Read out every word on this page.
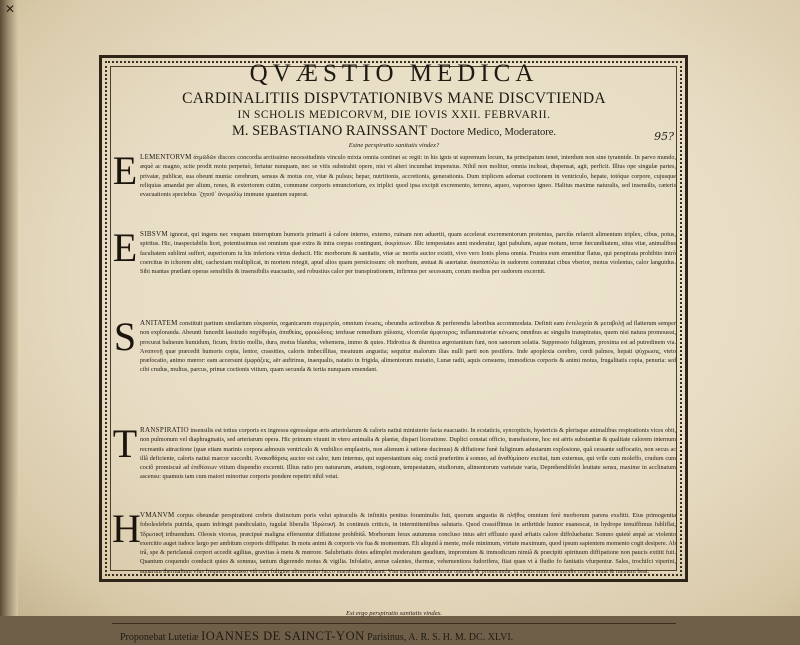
✕
QVÆSTIO MEDICA
CARDINALITIIS DISPVTATIONIBVS MANE DISCVTIENDA
IN SCHOLIS MEDICORVM, DIE IOVIS XXII. FEBRVARII.
M. SEBASTIANO RAINSSANT Doctore Medico, Moderatore.
Estne perspiratio sanitatis vindex?
95?
E LEMENTORVM ἀτμῶδῶν discors concordia arctissimo necessitudinis vinculo mixta omnia continet ac regit: in his ignis ut supremum locum, ita principatum tenet, interdum non sine tyrannide. In parvo mundo, æquè ac magno, scite prodit motu perpetuò, fertatur nunquam, nec se vitis substrahit opere, nisi vt alteri incumbat impensius. Nihil non molitur, omnia inchoat, dispensat, agit, perficit. Illius ope singulæ partes, privatæ, publicæ, sua obeunt munia: cerebrum, sensus & motus cor, vitæ & pulsus; hepar, nutritionis, accretionis, generationis. Dum triplicem adornat coctionem in ventriculo, hepate, totóque corpore, cujusque reliquias amandat per alium, renes, & exteriorem cutim, commune corporis emunctorium, ex triplici quod ipsa excipit excremento, terreno, aqueo, vaporoso igneo. Halitus maxime naturalis, sed insensilis, cæteris evacuationis speciebus ᾽ζητοῦ᾽ ἀνομαλίῳ immune quantum superat.

E SIBSVM ignorat, qui ingens nec vnquam interruptum humoris primarii à calore interno, externo, ruinam non aduertit, quam accelerat excrementorum protentus, parciùs refarcit alimentum triplex, cibus, potus, spiritus. Hic, inaspectabilis licet, potentissimus est omnium quæ extra & intra corpus contingunt, ἐκκρίσεων. Illic tempestates anni moderatur, igni pabulum, aquæ motum, terræ fœcunditatem, situs vitæ, animalibus facultatem sublimi suffert, superiorum iu his inferiora virtus deducit. Hic morborum & sanitatis, vitæ ac mortis auctor existit, vivo vero Ionis plena omnia. Frustra eum ementitur flatus, qui perspirata prohibito intrò coercitus in ichorem abit, cachexiam multiplicat, in mortem retegit, apud alios quam perniciosum: ob morbum, æstuat & auertatur. ἀκαταπόλω in sudorem commutat cibus vberior, motus violentus, calor languidus. Sibi mantas prætlant operas sensibilis & insensibilis euacuatio, sed robustius calor per transpirationem, infirmus per secessum, corum medius per sudorem excernit.

S ANITATEM constituit partium similarium εὐκρασία, organicarum συμμετρία, omnium ἑνωσις, obeundis actionibus & perferendis laboribus accommodata. Definit eam ἐντελεχεία & μεταβολῇ ad flatterum semper non exploranda. Abeunti funcedit lassitudo παχύθυμία, ἀπαθείας, φρικώδους; tenfusæ remedium χάλασις, vlceroſæ ἀμφοτερος; inflammatoriæ κένωσις omnibus ac singulis transpiratus, quem nisi natura promoueat, procurat balneum humidum, ficum, frictio mollis, dura, motus blandus, vehemens, immo & quies. Hidrotica & diuretica ægrotantium funt, non sanorum solatia. Suppressio fuliginum, proxima est ad putredinem via. Ἀναπνοῇ quæ præcedit humoris copia, lentor, crassities, caloris imbecillitas, meatuum angustia; sequitur malorum ilias nulli parti non pestifera. Inde apoplexia cerebro, cordi palmos, hepati ψύχρωσις, vteto præfocatio, animo mœror: eam accersunt ἐμφράξεις, aër auftrinus, inaequalis, natatio in frigida, alimentorum mutatio, Lunæ radii, aquis censuens, immodicus corporis & animi motus, frugalitatis copia, penuria: sed cibi crudus, multus, parcus, primæ coctionis vitium, quam secunda & tertia nunquam emendant.

T RANSPIRATIO insensilis est totius corporis ex ingressu egressúque æris arteriolarum & caloris natiui ministerio facta euacuatio. In ecstaticis, syncopticis, hystericis & plerisque animalibus respirationis vices obit, non pulmonum vel diaphragmatis, sed arteriarum opera. Hic primum viuunt in vtero animalia & plantæ, dispari liceratione. Duplici constat officio, transfusione, hoc est aëris substantiæ & qualitate calorem internum recreantis attractione (quæ etiam marinis corpora admouis ventriculo & vmbilico emplastris, non alienum à ratione ducimus) & diffatione funè fuliginum adustarum explosione, quâ cessante suffocatio, non secus ac illâ deficiente, caloris natiui marcor succedit. Ἀνακαθάρσις auctor est calor, tum internus, qui superstantium eáq; coctâ præfertim à somno, ad ἀναθύμίασιν excitat, tum externus, qui vrile cum moleffo, crudum cum coctô promiscuè ad ἐπιθέσεων vitium dispendio excernit. Illius ratio pro naturarum, ætatum, regionum, tempestatum, studiorum, alimentorum varietate varia, Deprehendifolet leuitate sensu, maxime in acclinatum ascensu: quamuis tam cum maiori minoriue corporis pondere repetiri nihil vetat.

H VMANVM corpus obeundæ perspirationi crebris distinctum poris velut spiraculis & infinitis penitus foraminulis fuit, quorum angustia & πλῆθος omnium ferè morborum parens exsfitit. Eius primogenita fobolesfebris putrida, quam infringit pandiculatio, iugulat liberalis Ἱδρώτικῆ. In continuis criticis, in intermittentibus salutaris. Quod crassiffimus in arthritide humor euanescat, in hydrope tenuiffimus fubliflat, Ἱδρωτικῆ tribuendum. Oleosis viceras, præcipuè maligna efferuentur diffatione prohibitâ. Morborum ferax autumnus concluso intus aëri effluuio quod æftatis calore diffoluebatur. Somno quietè æquè ac violento exercitio auget iudoce largo per ambitum corporis diffipatur. In motu animi & corporis vis fua & momentum. Elt aliquid à mente, mole minimum, virtute maximum, quod ipsum sapientem momento cogit desipere. Ab irâ, spe & periclanuâ corpori accedit agilitas, gravitas à metu & mœrore. Salubritatis dotes adimplet moderatum gaudium, impromtum & immodicum nimiâ & præcipiti spirituum diffipatione non paucis extitit fuit. Quantum coquendo conducit quies & somnus, tantum digerendo motus & vigilia. Infolatio, arenæ calentes, thermæ, vehementiora fudorifera, fiiat quan vt à fludio fo fanitatis vfurpentur. Sales, trochifci viperini, aquarum thermalium vfus frequens excusso vtâ cum fuligine alimentario fucco marafmum inferunt. Vna transpiratio moderata optanda & prouocanda: in sinitis enim commodis corpus iuuat & mentem beat.

Est ergo perspiratio sanitatis vindex.
Proponebat Lutetiæ IOANNES DE SAINCT-YON Parisinus, A. R. S. H. M. DC. XLVI.
